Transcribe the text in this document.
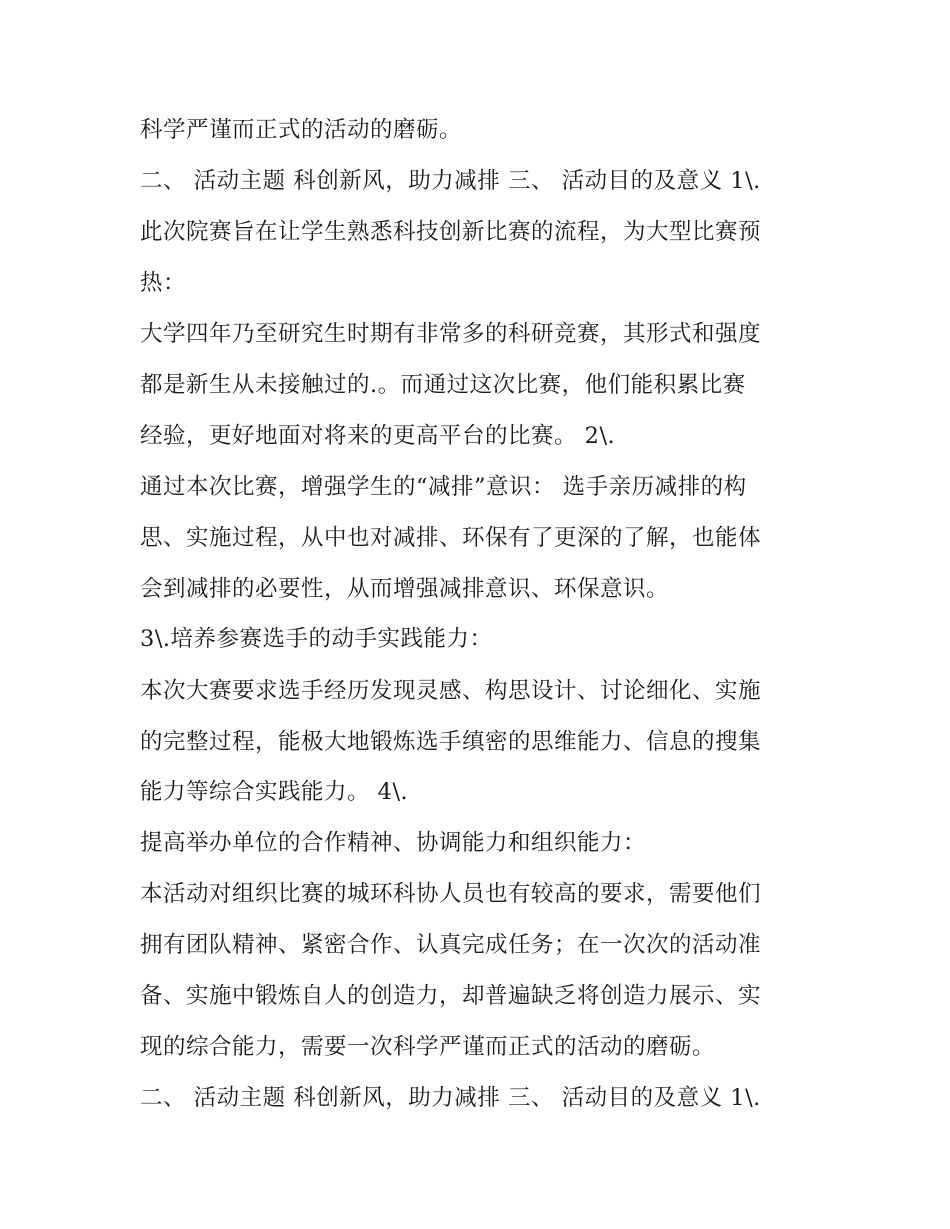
科学严谨而正式的活动的磨砺。
二、 活动主题 科创新风，助力减排 三、 活动目的及意义 1\.
此次院赛旨在让学生熟悉科技创新比赛的流程，为大型比赛预
热：
大学四年乃至研究生时期有非常多的科研竞赛，其形式和强度
都是新生从未接触过的.。而通过这次比赛，他们能积累比赛
经验，更好地面对将来的更高平台的比赛。 2\.
通过本次比赛，增强学生的“减排”意识： 选手亲历减排的构
思、实施过程，从中也对减排、环保有了更深的了解，也能体
会到减排的必要性，从而增强减排意识、环保意识。
3\.培养参赛选手的动手实践能力：
本次大赛要求选手经历发现灵感、构思设计、讨论细化、实施
的完整过程，能极大地锻炼选手缜密的思维能力、信息的搜集
能力等综合实践能力。 4\.
提高举办单位的合作精神、协调能力和组织能力：
本活动对组织比赛的城环科协人员也有较高的要求，需要他们
拥有团队精神、紧密合作、认真完成任务；在一次次的活动准
备、实施中锻炼自人的创造力，却普遍缺乏将创造力展示、实
现的综合能力，需要一次科学严谨而正式的活动的磨砺。
二、 活动主题 科创新风，助力减排 三、 活动目的及意义 1\.
